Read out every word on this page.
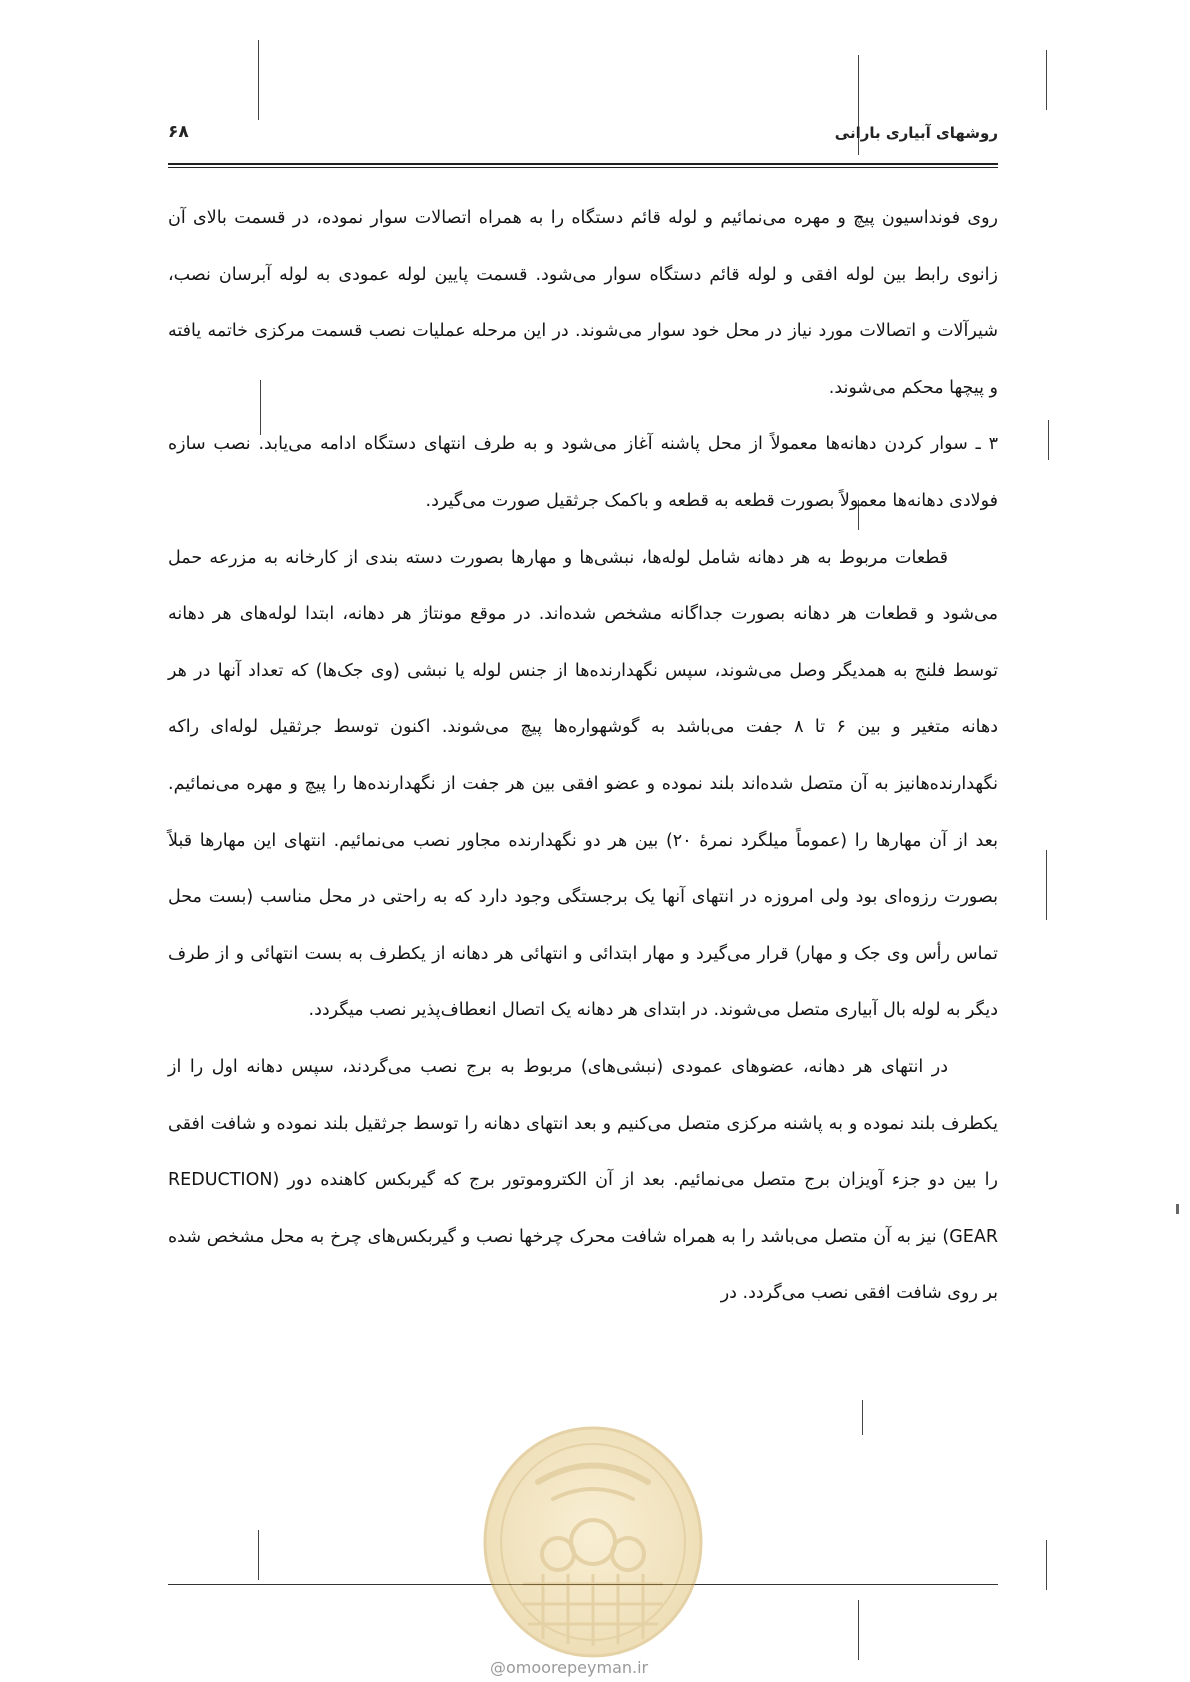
روشهای آبیاری بارانی
۶۸

روی فونداسیون پیچ و مهره می‌نمائیم و لوله قائم دستگاه را به همراه اتصالات سوار نموده، در قسمت بالای آن زانوی رابط بین لوله افقی و لوله قائم دستگاه سوار می‌شود. قسمت پایین لوله عمودی به لوله آبرسان نصب، شیرآلات و اتصالات مورد نیاز در محل خود سوار می‌شوند. در این مرحله عملیات نصب قسمت مرکزی خاتمه یافته و پیچها محکم می‌شوند.

۳ ـ سوار کردن دهانه‌ها معمولاً از محل پاشنه آغاز می‌شود و به طرف انتهای دستگاه ادامه می‌یابد. نصب سازه فولادی دهانه‌ها معمولاً بصورت قطعه به قطعه و باکمک جرثقیل صورت می‌گیرد.

قطعات مربوط به هر دهانه شامل لوله‌ها، نبشی‌ها و مهارها بصورت دسته بندی از کارخانه به مزرعه حمل می‌شود و قطعات هر دهانه بصورت جداگانه مشخص شده‌اند. در موقع مونتاژ هر دهانه، ابتدا لوله‌های هر دهانه توسط فلنج به همدیگر وصل می‌شوند، سپس نگهدارنده‌ها از جنس لوله یا نبشی (وی جک‌ها) که تعداد آنها در هر دهانه متغیر و بین ۶ تا ۸ جفت می‌باشد به گوشهواره‌ها پیچ می‌شوند. اکنون توسط جرثقیل لوله‌ای راکه نگهدارنده‌هانیز به آن متصل شده‌اند بلند نموده و عضو افقی بین هر جفت از نگهدارنده‌ها را پیچ و مهره می‌نمائیم. بعد از آن مهارها را (عموماً میلگرد نمرهٔ ۲۰) بین هر دو نگهدارنده مجاور نصب می‌نمائیم. انتهای این مهارها قبلاً بصورت رزوه‌ای بود ولی امروزه در انتهای آنها یک برجستگی وجود دارد که به راحتی در محل مناسب (بست محل تماس رأس وی جک و مهار) قرار می‌گیرد و مهار ابتدائی و انتهائی هر دهانه از یکطرف به بست انتهائی و از طرف دیگر به لوله بال آبیاری متصل می‌شوند. در ابتدای هر دهانه یک اتصال انعطاف‌پذیر نصب میگردد.

در انتهای هر دهانه، عضوهای عمودی (نبشی‌های) مربوط به برج نصب می‌گردند، سپس دهانه اول را از یکطرف بلند نموده و به پاشنه مرکزی متصل می‌کنیم و بعد انتهای دهانه را توسط جرثقیل بلند نموده و شافت افقی را بین دو جزء آویزان برج متصل می‌نمائیم. بعد از آن الکتروموتور برج که گیربکس کاهنده دور (REDUCTION GEAR) نیز به آن متصل می‌باشد را به همراه شافت محرک چرخها نصب و گیربکس‌های چرخ به محل مشخص شده بر روی شافت افقی نصب می‌گردد. در

@omoorepeyman.ir
